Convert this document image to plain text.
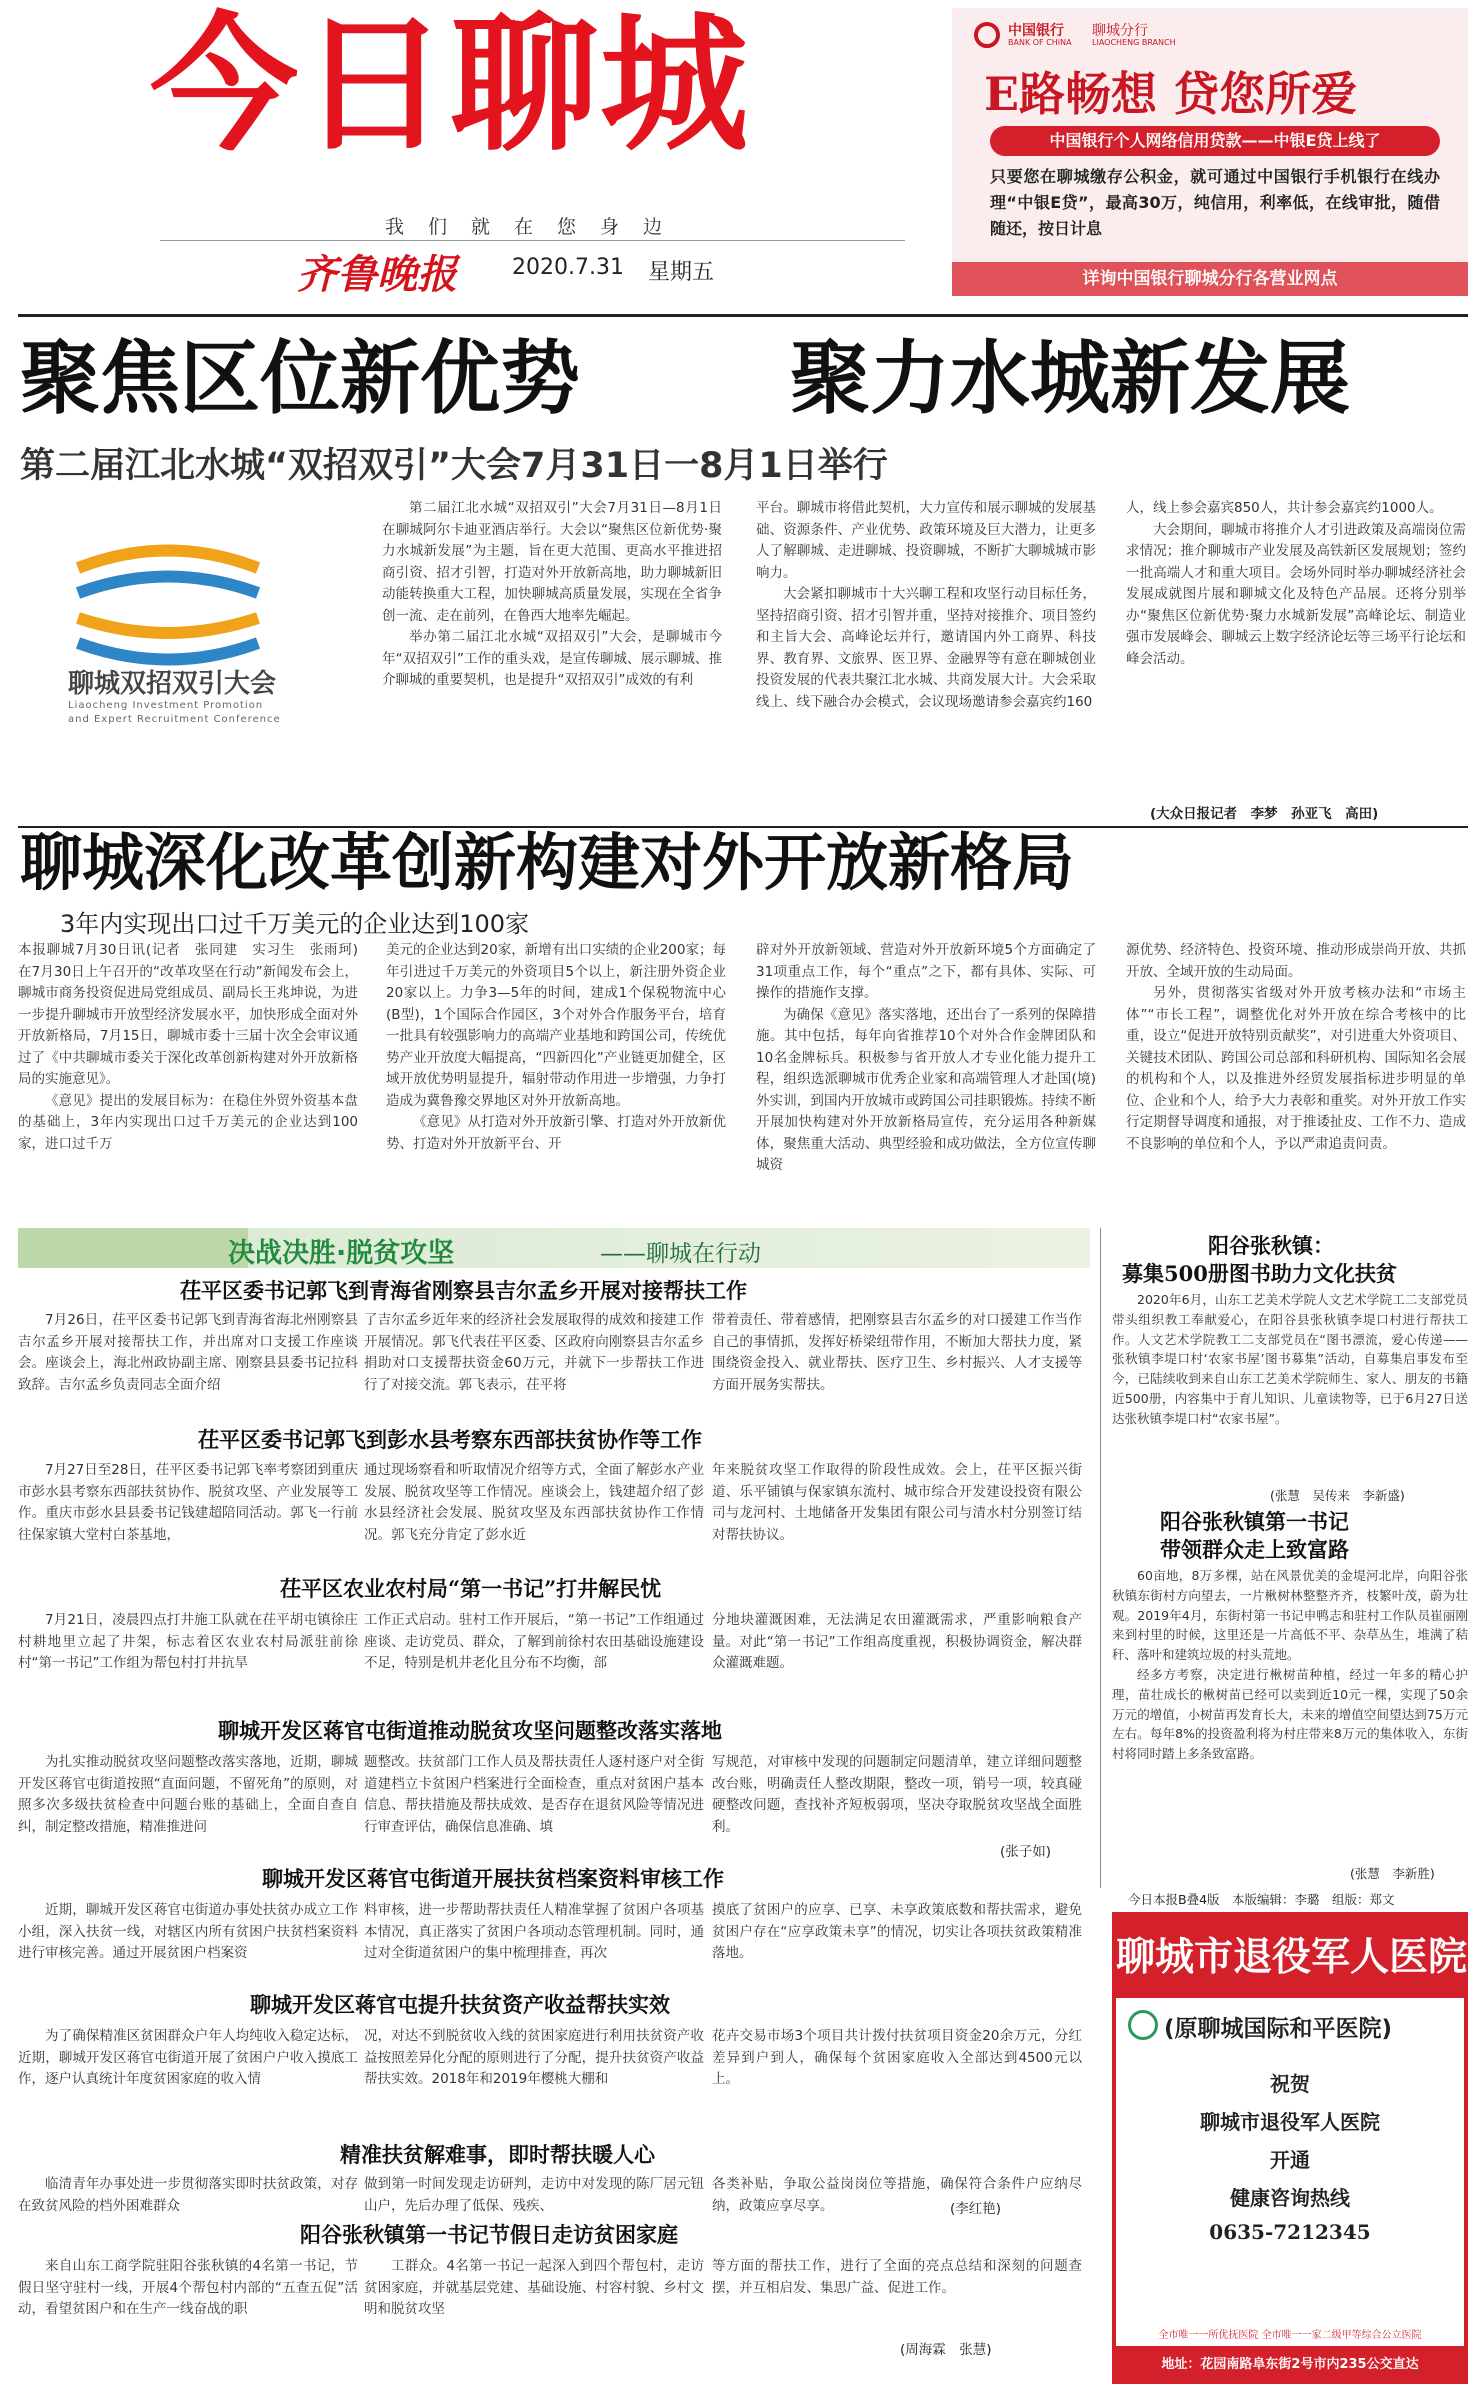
今日聊城
我们就在您身边
齐鲁晚报	2020.7.31 星期五
中国银行
BANK OF CHINA
聊城分行
LIAOCHENG BRANCH
E路畅想 贷您所爱
中国银行个人网络信用贷款——中银E贷上线了
只要您在聊城缴存公积金，就可通过中国银行手机银行在线办理“中银E贷”，最高30万，纯信用，利率低，在线审批，随借随还，按日计息
详询中国银行聊城分行各营业网点
聚焦区位新优势	聚力水城新发展
第二届江北水城“双招双引”大会7月31日一8月1日举行
聊城双招双引大会
Liaocheng Investment Promotion
and Expert Recruitment Conference

第二届江北水城“双招双引”大会7月31日—8月1日在聊城阿尔卡迪亚酒店举行。大会以“聚焦区位新优势·聚力水城新发展”为主题，旨在更大范围、更高水平推进招商引资、招才引智，打造对外开放新高地，助力聊城新旧动能转换重大工程，加快聊城高质量发展，实现在全省争创一流、走在前列，在鲁西大地率先崛起。

举办第二届江北水城“双招双引”大会，是聊城市今年“双招双引”工作的重头戏，是宣传聊城、展示聊城、推介聊城的重要契机，也是提升“双招双引”成效的有利

平台。聊城市将借此契机，大力宣传和展示聊城的发展基础、资源条件、产业优势、政策环境及巨大潜力，让更多人了解聊城、走进聊城、投资聊城，不断扩大聊城城市影响力。

大会紧扣聊城市十大兴聊工程和攻坚行动目标任务，坚持招商引资、招才引智并重，坚持对接推介、项目签约和主旨大会、高峰论坛并行，邀请国内外工商界、科技界、教育界、文旅界、医卫界、金融界等有意在聊城创业投资发展的代表共聚江北水城、共商发展大计。大会采取线上、线下融合办会模式，会议现场邀请参会嘉宾约160

人，线上参会嘉宾850人，共计参会嘉宾约1000人。

大会期间，聊城市将推介人才引进政策及高端岗位需求情况；推介聊城市产业发展及高铁新区发展规划；签约一批高端人才和重大项目。会场外同时举办聊城经济社会发展成就图片展和聊城文化及特色产品展。还将分别举办“聚焦区位新优势·聚力水城新发展”高峰论坛、制造业强市发展峰会、聊城云上数字经济论坛等三场平行论坛和峰会活动。

(大众日报记者　李梦　孙亚飞　高田)
聊城深化改革创新构建对外开放新格局
3年内实现出口过千万美元的企业达到100家

本报聊城7月30日讯(记者　张同建　实习生　张雨珂)　在7月30日上午召开的“改革攻坚在行动”新闻发布会上，聊城市商务投资促进局党组成员、副局长王兆坤说，为进一步提升聊城市开放型经济发展水平，加快形成全面对外开放新格局，7月15日，聊城市委十三届十次全会审议通过了《中共聊城市委关于深化改革创新构建对外开放新格局的实施意见》。

《意见》提出的发展目标为：在稳住外贸外资基本盘的基础上，3年内实现出口过千万美元的企业达到100家，进口过千万

美元的企业达到20家，新增有出口实绩的企业200家；每年引进过千万美元的外资项目5个以上，新注册外资企业20家以上。力争3—5年的时间，建成1个保税物流中心(B型)，1个国际合作园区，3个对外合作服务平台，培育一批具有较强影响力的高端产业基地和跨国公司，传统优势产业开放度大幅提高，“四新四化”产业链更加健全，区域开放优势明显提升，辐射带动作用进一步增强，力争打造成为冀鲁豫交界地区对外开放新高地。

《意见》从打造对外开放新引擎、打造对外开放新优势、打造对外开放新平台、开

辟对外开放新领域、营造对外开放新环境5个方面确定了31项重点工作，每个“重点”之下，都有具体、实际、可操作的措施作支撑。

为确保《意见》落实落地，还出台了一系列的保障措施。其中包括，每年向省推荐10个对外合作金牌团队和10名金牌标兵。积极参与省开放人才专业化能力提升工程，组织选派聊城市优秀企业家和高端管理人才赴国(境)外实训，到国内开放城市或跨国公司挂职锻炼。持续不断开展加快构建对外开放新格局宣传，充分运用各种新媒体，聚焦重大活动、典型经验和成功做法，全方位宣传聊城资

源优势、经济特色、投资环境、推动形成崇尚开放、共抓开放、全域开放的生动局面。

另外，贯彻落实省级对外开放考核办法和“市场主体”“市长工程”，调整优化对外开放在综合考核中的比重，设立“促进开放特别贡献奖”，对引进重大外资项目、关键技术团队、跨国公司总部和科研机构、国际知名会展的机构和个人，以及推进外经贸发展指标进步明显的单位、企业和个人，给予大力表彰和重奖。对外开放工作实行定期督导调度和通报，对于推诿扯皮、工作不力、造成不良影响的单位和个人，予以严肃追责问责。

决战决胜·脱贫攻坚	——聊城在行动
茌平区委书记郭飞到青海省刚察县吉尔孟乡开展对接帮扶工作

7月26日，茌平区委书记郭飞到青海省海北州刚察县吉尔孟乡开展对接帮扶工作，并出席对口支援工作座谈会。座谈会上，海北州政协副主席、刚察县县委书记拉科致辞。吉尔孟乡负责同志全面介绍

了吉尔孟乡近年来的经济社会发展取得的成效和接建工作开展情况。郭飞代表茌平区委、区政府向刚察县吉尔孟乡捐助对口支援帮扶资金60万元，并就下一步帮扶工作进行了对接交流。郭飞表示，茌平将

带着责任、带着感情，把刚察县吉尔孟乡的对口援建工作当作自己的事情抓，发挥好桥梁纽带作用，不断加大帮扶力度，紧围绕资金投入、就业帮扶、医疗卫生、乡村振兴、人才支援等方面开展务实帮扶。

茌平区委书记郭飞到彭水县考察东西部扶贫协作等工作

7月27日至28日，茌平区委书记郭飞率考察团到重庆市彭水县考察东西部扶贫协作、脱贫攻坚、产业发展等工作。重庆市彭水县县委书记钱建超陪同活动。郭飞一行前往保家镇大堂村白茶基地，

通过现场察看和听取情况介绍等方式，全面了解彭水产业发展、脱贫攻坚等工作情况。座谈会上，钱建超介绍了彭水县经济社会发展、脱贫攻坚及东西部扶贫协作工作情况。郭飞充分肯定了彭水近

年来脱贫攻坚工作取得的阶段性成效。会上，茌平区振兴街道、乐平铺镇与保家镇东流村、城市综合开发建设投资有限公司与龙河村、土地储备开发集团有限公司与清水村分别签订结对帮扶协议。

茌平区农业农村局“第一书记”打井解民忧

7月21日，凌晨四点打井施工队就在茌平胡屯镇徐庄村耕地里立起了井架，标志着区农业农村局派驻前徐村“第一书记”工作组为帮包村打井抗旱

工作正式启动。驻村工作开展后，“第一书记”工作组通过座谈、走访党员、群众，了解到前徐村农田基础设施建设不足，特别是机井老化且分布不均衡，部

分地块灌溉困难，无法满足农田灌溉需求，严重影响粮食产量。对此“第一书记”工作组高度重视，积极协调资金，解决群众灌溉难题。

聊城开发区蒋官屯街道推动脱贫攻坚问题整改落实落地

为扎实推动脱贫攻坚问题整改落实落地，近期，聊城开发区蒋官屯街道按照“直面问题，不留死角”的原则，对照多次多级扶贫检查中问题台账的基础上，全面自查自纠，制定整改措施，精准推进问

题整改。扶贫部门工作人员及帮扶责任人逐村逐户对全街道建档立卡贫困户档案进行全面检查，重点对贫困户基本信息、帮扶措施及帮扶成效、是否存在退贫风险等情况进行审查评估，确保信息准确、填

写规范，对审核中发现的问题制定问题清单，建立详细问题整改台账，明确责任人整改期限，整改一项，销号一项，较真碰硬整改问题，查找补齐短板弱项，坚决夺取脱贫攻坚战全面胜利。

(张子如)
聊城开发区蒋官屯街道开展扶贫档案资料审核工作

近期，聊城开发区蒋官屯街道办事处扶贫办成立工作小组，深入扶贫一线，对辖区内所有贫困户扶贫档案资料进行审核完善。通过开展贫困户档案资

料审核，进一步帮助帮扶责任人精准掌握了贫困户各项基本情况，真正落实了贫困户各项动态管理机制。同时，通过对全街道贫困户的集中梳理排查，再次

摸底了贫困户的应享、已享、未享政策底数和帮扶需求，避免贫困户存在“应享政策未享”的情况，切实让各项扶贫政策精准落地。

聊城开发区蒋官屯提升扶贫资产收益帮扶实效

为了确保精准区贫困群众户年人均纯收入稳定达标，近期，聊城开发区蒋官屯街道开展了贫困户户收入摸底工作，逐户认真统计年度贫困家庭的收入情

况，对达不到脱贫收入线的贫困家庭进行利用扶贫资产收益按照差异化分配的原则进行了分配，提升扶贫资产收益帮扶实效。2018年和2019年樱桃大棚和

花卉交易市场3个项目共计拨付扶贫项目资金20余万元，分红差异到户到人，确保每个贫困家庭收入全部达到4500元以上。

精准扶贫解难事，即时帮扶暖人心

临清青年办事处进一步贯彻落实即时扶贫政策，对存在致贫风险的档外困难群众

做到第一时间发现走访研判，走访中对发现的陈厂居元钮山户，先后办理了低保、残疾、

各类补贴，争取公益岗岗位等措施，确保符合条件户应纳尽纳，政策应享尽享。	(李红艳)
阳谷张秋镇第一书记节假日走访贫困家庭

来自山东工商学院驻阳谷张秋镇的4名第一书记，节假日坚守驻村一线，开展4个帮包村内部的“五查五促”活动，看望贫困户和在生产一线奋战的职

工群众。4名第一书记一起深入到四个帮包村，走访贫困家庭，并就基层党建、基础设施、村容村貌、乡村文明和脱贫攻坚

等方面的帮扶工作，进行了全面的亮点总结和深刻的问题查摆，并互相启发、集思广益、促进工作。

(周海霖　张慧)
阳谷张秋镇：
募集500册图书助力文化扶贫

2020年6月，山东工艺美术学院人文艺术学院工二支部党员带头组织教工奉献爱心，在阳谷县张秋镇李堤口村进行帮扶工作。人文艺术学院教工二支部党员在“图书漂流，爱心传递——张秋镇李堤口村‘农家书屋’图书募集”活动，自募集启事发布至今，已陆续收到来自山东工艺美术学院师生、家人、朋友的书籍近500册，内容集中于育儿知识、儿童读物等，已于6月27日送达张秋镇李堤口村“农家书屋”。

(张慧　吴传来　李新盛)
阳谷张秋镇第一书记
带领群众走上致富路

60亩地，8万多棵，站在风景优美的金堤河北岸，向阳谷张秋镇东街村方向望去，一片楸树林整整齐齐，枝繁叶茂，蔚为壮观。2019年4月，东街村第一书记申鸭志和驻村工作队员崔丽刚来到村里的时候，这里还是一片高低不平、杂草丛生，堆满了秸秆、落叶和建筑垃圾的村头荒地。

经多方考察，决定进行楸树苗种植，经过一年多的精心护理，苗壮成长的楸树苗已经可以卖到近10元一棵，实现了50余万元的增值，小树苗再发育长大，未来的增值空间望达到75万元左右。每年8%的投资盈利将为村庄带来8万元的集体收入，东街村将同时踏上多条致富路。

(张慧　李新胜)
今日本报B叠4版　本版编辑：李璐　组版：郑文
聊城市退役军人医院
(原聊城国际和平医院)
祝贺
聊城市退役军人医院
开通
健康咨询热线
0635-7212345
全市唯一一所优抚医院 全市唯一一家二级甲等综合公立医院
地址：花园南路阜东街2号市内235公交直达
